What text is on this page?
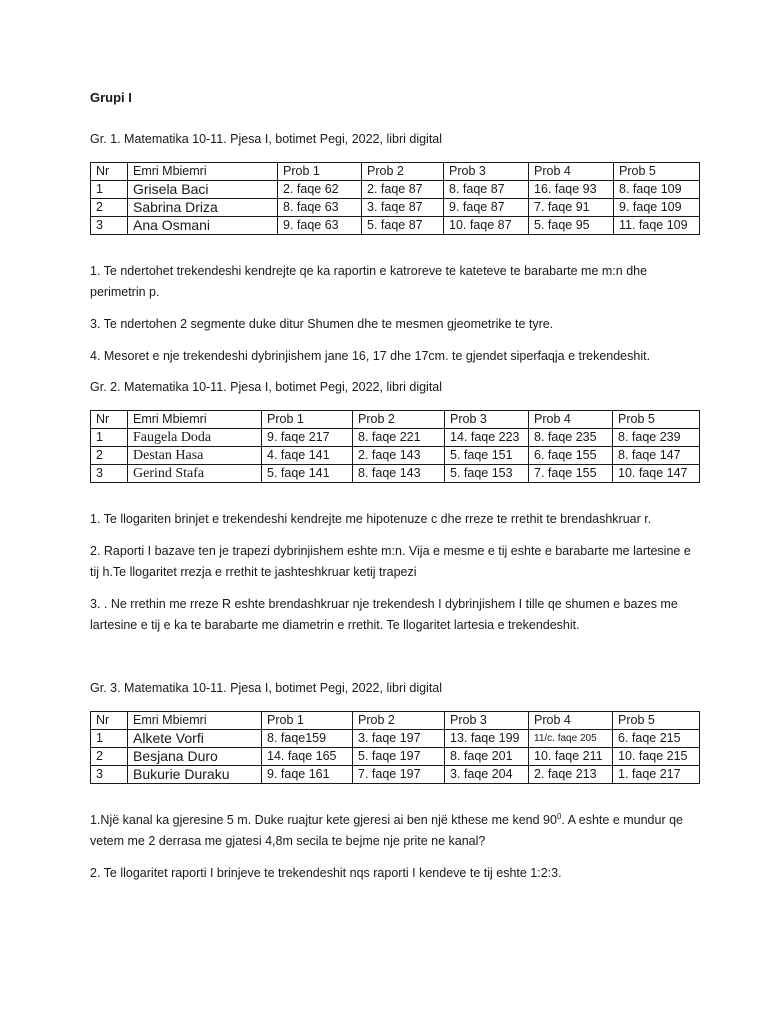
Grupi I
Gr. 1. Matematika 10-11. Pjesa I, botimet Pegi, 2022, libri digital
Nr	Emri Mbiemri	Prob 1	Prob 2	Prob 3	Prob 4	Prob 5
1	Grisela Baci	2. faqe 62	2. faqe 87	8. faqe 87	16. faqe 93	8. faqe 109
2	Sabrina Driza	8. faqe 63	3. faqe 87	9. faqe 87	7. faqe 91	9. faqe 109
3	Ana Osmani	9. faqe 63	5. faqe 87	10. faqe 87	5. faqe 95	11. faqe 109

1. Te ndertohet trekendeshi kendrejte qe ka raportin e katroreve te kateteve te barabarte me m:n dhe perimetrin p.

3. Te ndertohen 2 segmente duke ditur Shumen dhe te mesmen gjeometrike te tyre.

4. Mesoret e nje trekendeshi dybrinjishem jane 16, 17 dhe 17cm. te gjendet siperfaqja e trekendeshit.

Gr. 2. Matematika 10-11. Pjesa I, botimet Pegi, 2022, libri digital
Nr	Emri Mbiemri	Prob 1	Prob 2	Prob 3	Prob 4	Prob 5
1	Faugela Doda	9. faqe 217	8. faqe 221	14. faqe 223	8. faqe 235	8. faqe 239
2	Destan Hasa	4. faqe 141	2. faqe 143	5. faqe 151	6. faqe 155	8. faqe 147
3	Gerind Stafa	5. faqe 141	8. faqe 143	5. faqe 153	7. faqe 155	10. faqe 147

1. Te llogariten brinjet e trekendeshi kendrejte me hipotenuze c dhe rreze te rrethit te brendashkruar r.

2. Raporti I bazave ten je trapezi dybrinjishem eshte m:n. Vija e mesme e tij eshte e barabarte me lartesine e tij h.Te llogaritet rrezja e rrethit te jashteshkruar ketij trapezi

3. . Ne rrethin me rreze R eshte brendashkruar nje trekendesh I dybrinjishem I tille qe shumen e bazes me lartesine e tij e ka te barabarte me diametrin e rrethit. Te llogaritet lartesia e trekendeshit.

Gr. 3. Matematika 10-11. Pjesa I, botimet Pegi, 2022, libri digital
Nr	Emri Mbiemri	Prob 1	Prob 2	Prob 3	Prob 4	Prob 5
1	Alkete Vorfi	8. faqe159	3. faqe 197	13. faqe 199	11/c. faqe 205	6. faqe 215
2	Besjana Duro	14. faqe 165	5. faqe 197	8. faqe 201	10. faqe 211	10. faqe 215
3	Bukurie Duraku	9. faqe 161	7. faqe 197	3. faqe 204	2. faqe 213	1. faqe 217

1.Një kanal ka gjeresine 5 m. Duke ruajtur kete gjeresi ai ben një kthese me kend $90^0$. A eshte e mundur qe vetem me 2 derrasa me gjatesi 4,8m secila te bejme nje prite ne kanal?

2. Te llogaritet raporti I brinjeve te trekendeshit nqs raporti I kendeve te tij eshte 1:2:3.
